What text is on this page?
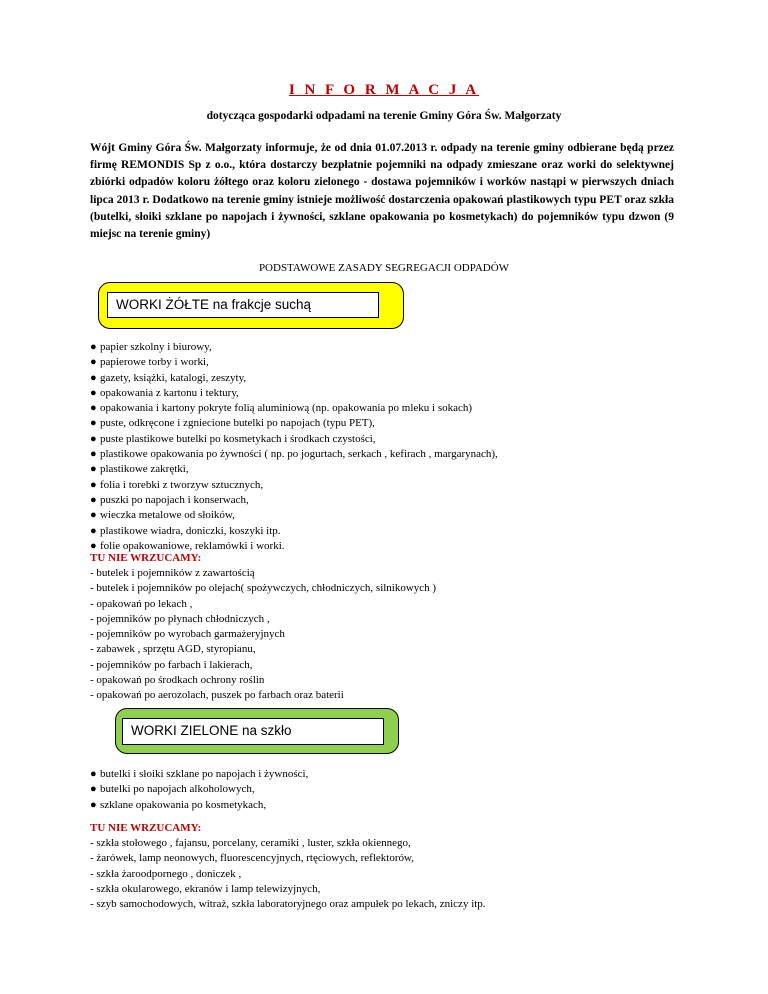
I N F O R M A C J A
dotycząca gospodarki odpadami na terenie Gminy Góra Św. Małgorzaty
Wójt Gminy Góra Św. Małgorzaty informuje, że od dnia 01.07.2013 r. odpady na terenie gminy odbierane będą przez firmę REMONDIS Sp z o.o., która dostarczy bezpłatnie pojemniki na odpady zmieszane oraz worki do selektywnej zbiórki odpadów koloru żółtego oraz koloru zielonego - dostawa pojemników i worków nastąpi w pierwszych dniach lipca 2013 r. Dodatkowo na terenie gminy istnieje możliwość dostarczenia opakowań plastikowych typu PET oraz szkła (butelki, słoiki szklane po napojach i żywności, szklane opakowania po kosmetykach) do pojemników typu dzwon (9 miejsc na terenie gminy)
PODSTAWOWE ZASADY SEGREGACJI ODPADÓW
WORKI ŻÓŁTE na frakcje suchą
● papier szkolny i biurowy,
● papierowe torby i worki,
● gazety, książki, katalogi, zeszyty,
● opakowania z kartonu i tektury,
● opakowania i kartony pokryte folią aluminiową (np. opakowania po mleku i sokach)
● puste, odkręcone i zgniecione butelki po napojach (typu PET),
● puste plastikowe butelki po kosmetykach i środkach czystości,
● plastikowe opakowania po żywności ( np. po jogurtach, serkach , kefirach , margarynach),
● plastikowe zakrętki,
● folia i torebki z tworzyw sztucznych,
● puszki po napojach i konserwach,
● wieczka metalowe od słoików,
● plastikowe wiadra, doniczki, koszyki itp.
● folie opakowaniowe, reklamówki i worki.
TU NIE WRZUCAMY:
- butelek i pojemników z zawartością
- butelek i pojemników po olejach( spożywczych, chłodniczych, silnikowych )
- opakowań po lekach ,
- pojemników po płynach chłodniczych ,
- pojemników po wyrobach garmażeryjnych
- zabawek , sprzętu AGD, styropianu,
- pojemników po farbach i lakierach,
- opakowań po środkach ochrony roślin
- opakowań po aerozolach, puszek po farbach oraz baterii
WORKI ZIELONE na szkło
● butelki i słoiki szklane po napojach i żywności,
● butelki po napojach alkoholowych,
● szklane opakowania po kosmetykach,
TU NIE WRZUCAMY:
- szkła stołowego , fajansu, porcelany, ceramiki , luster, szkła okiennego,
- żarówek, lamp neonowych, fluorescencyjnych, rtęciowych, reflektorów,
- szkła żaroodpornego , doniczek ,
- szkła okularowego, ekranów i lamp telewizyjnych,
- szyb samochodowych, witraż, szkła laboratoryjnego oraz ampułek po lekach, zniczy itp.
